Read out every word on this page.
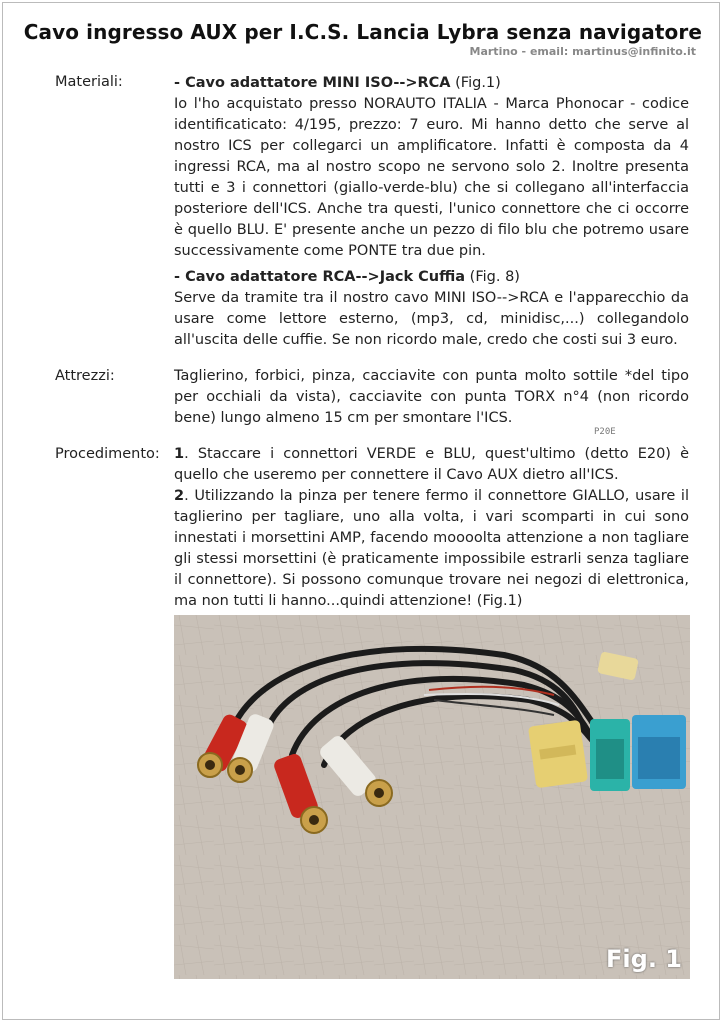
Cavo ingresso AUX per I.C.S. Lancia Lybra senza navigatore
Martino - email: martinus@infinito.it
Materiali:	- Cavo adattatore MINI ISO-->RCA (Fig.1)

Io l'ho acquistato presso NORAUTO ITALIA - Marca Phonocar - codice identificaticato: 4/195, prezzo: 7 euro. Mi hanno detto che serve al nostro ICS per collegarci un amplificatore. Infatti è composta da 4 ingressi RCA, ma al nostro scopo ne servono solo 2. Inoltre presenta tutti e 3 i connettori (giallo-verde-blu) che si collegano all'interfaccia posteriore dell'ICS. Anche tra questi, l'unico connettore che ci occorre è quello BLU. E' presente anche un pezzo di filo blu che potremo usare successivamente come PONTE tra due pin.

- Cavo adattatore RCA-->Jack Cuffia (Fig. 8)

Serve da tramite tra il nostro cavo MINI ISO-->RCA e l'apparecchio da usare come lettore esterno, (mp3, cd, minidisc,...) collegandolo all'uscita delle cuffie. Se non ricordo male, credo che costi sui 3 euro.

Attrezzi:	Taglierino, forbici, pinza, cacciavite con punta molto sottile *del tipo per occhiali da vista), cacciavite con punta TORX n°4 (non ricordo bene) lungo almeno 15 cm per smontare l'ICS.
P20E
Procedimento: 1. Staccare i connettori VERDE e BLU, quest'ultimo (detto E20) è quello che useremo per connettere il Cavo AUX dietro all'ICS.

2. Utilizzando la pinza per tenere fermo il connettore GIALLO, usare il taglierino per tagliare, uno alla volta, i vari scomparti in cui sono innestati i morsettini AMP, facendo moooolta attenzione a non tagliare gli stessi morsettini (è praticamente impossibile estrarli senza tagliare il connettore). Si possono comunque trovare nei negozi di elettronica, ma non tutti li hanno...quindi attenzione! (Fig.1)

Fig. 1
